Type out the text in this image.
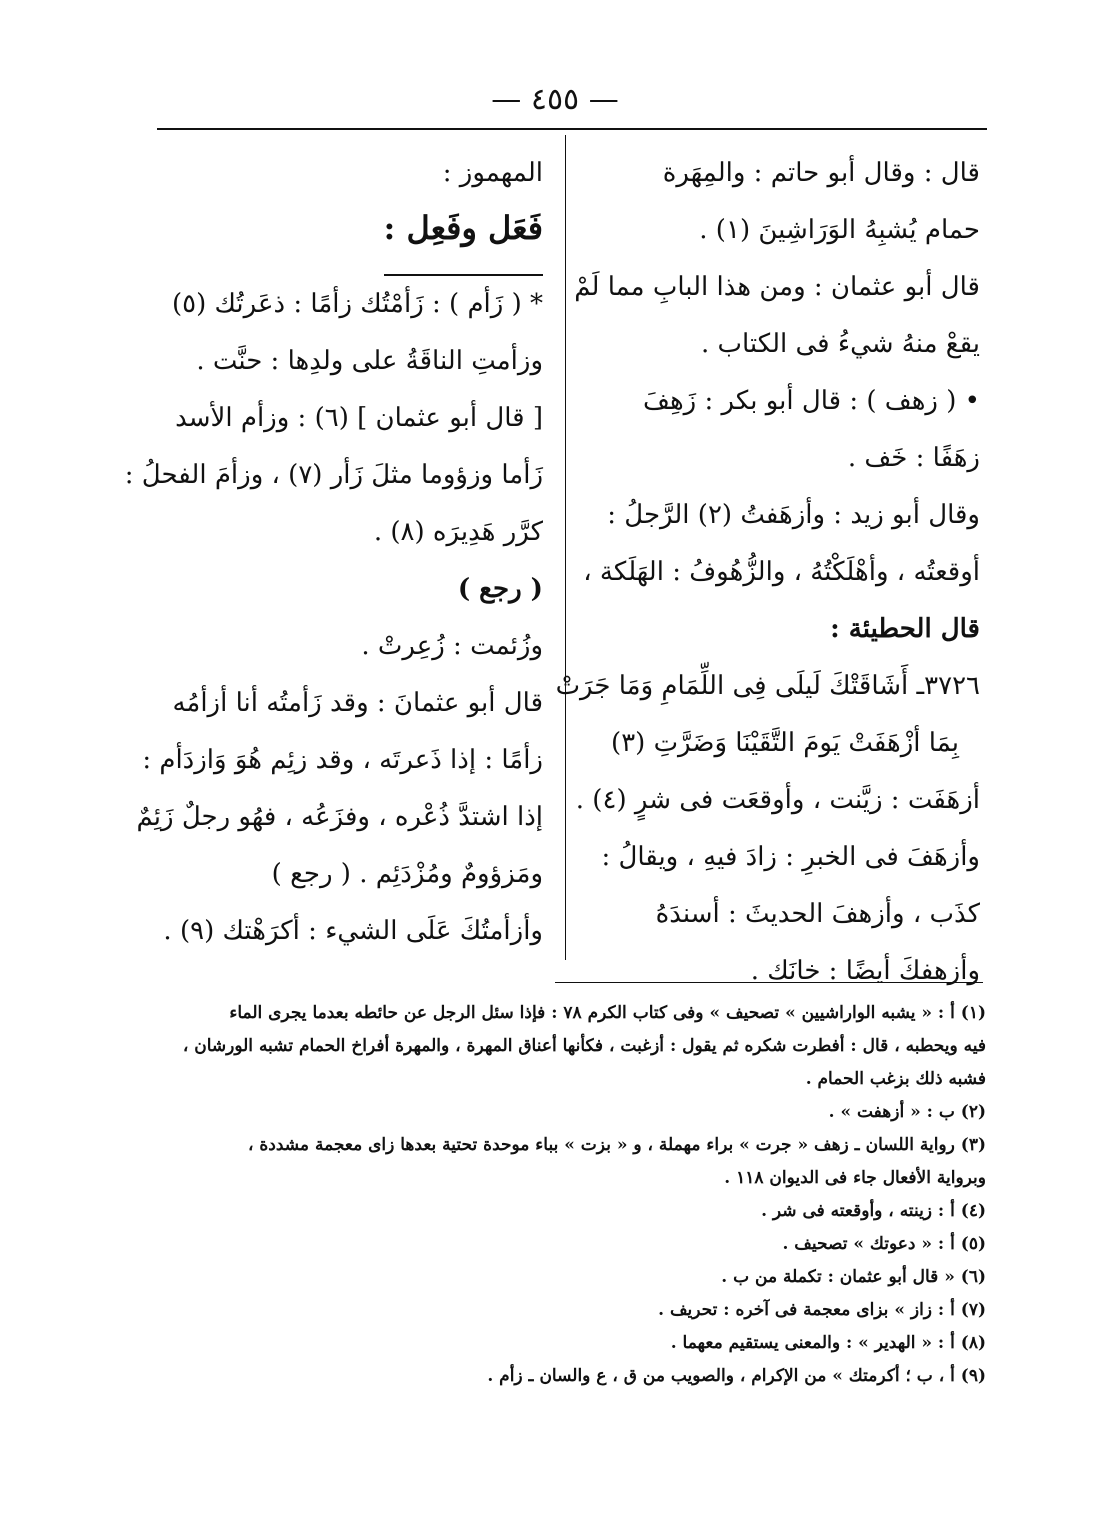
— ٤٥٥ —
قال : وقال أبو حاتم : والمِهَرة
حمام يُشبِهُ الوَرَاشِينَ (١) .
قال أبو عثمان : ومن هذا البابِ مما لَمْ
يقعْ منهُ شيءُ فى الكتاب .
• ( زهف ) : قال أبو بكر : زَهِفَ
زهَفًا : خَف .
وقال أبو زيد : وأزهَفتُ (٢) الرَّجلُ :
أوقعتُه ، وأهْلَكْتُهُ ، والزُّهُوفُ : الهَلَكة ،
قال الحطيئة :
٣٧٢٦ـ أَشَاقَتْكَ لَيلَى فِى اللِّمَامِ وَمَا جَرَتْ
بِمَا أزْهَفَتْ يَومَ التَّقَيْنَا وَضَرَّتِ (٣)
أزهَفَت : زيَّنت ، وأوقعَت فى شرٍ (٤) .
وأزهَفَ فى الخبرِ : زادَ فيهِ ، ويقالُ :
كذَب ، وأزهفَ الحديثَ : أسندَهُ
وأزهفكَ أيضًا : خانَك .
المهموز :
فَعَل وفَعِل :
* ( زَأم ) : زَأمْتُك زأمًا : ذعَرتُك (٥)
وزأمتِ الناقَةُ على ولدِها : حنَّت .
[ قال أبو عثمان ] (٦) : وزأم الأسد
زَأما وزؤوما مثلَ زَأر (٧) ، وزأمَ الفحلُ :
كرَّر هَدِيرَه (٨) .
( رجع )
وزُئمت : زُعِرتْ .
قال أبو عثمانَ : وقد زَأمتُه أنا أزأمُه
زأمًا : إذا ذَعرتَه ، وقد زئِم هُوَ وَازدَأم :
إذا اشتدَّ ذُعْره ، وفزَعُه ، فهُو رجلٌ زَئِمٌ
ومَزؤومٌ ومُزْدَئِم . ( رجع )
وأزأمتُكَ عَلَى الشيء : أكرَهْتك (٩) .
(١) أ : « يشبه الواراشيين » تصحيف » وفى كتاب الكرم ٧٨ : فإذا سئل الرجل عن حائطه بعدما يجرى الماء
فيه ويحطبه ، قال : أفطرت شكره ثم يقول : أزغبت ، فكأنها أعناق المهرة ، والمهرة أفراخ الحمام تشبه الورشان ،
فشبه ذلك بزغب الحمام .
(٢) ب : « أزهفت » .
(٣) رواية اللسان ـ زهف « جرت » براء مهملة ، و « بزت » بباء موحدة تحتية بعدها زاى معجمة مشددة ،
وبرواية الأفعال جاء فى الديوان ١١٨ .
(٤) أ : زينته ، وأوقعته فى شر .
(٥) أ : « دعوتك » تصحيف .
(٦) « قال أبو عثمان : تكملة من ب .
(٧) أ : زاز » بزاى معجمة فى آخره : تحريف .
(٨) أ : « الهدير » : والمعنى يستقيم معهما .
(٩) أ ، ب ؛ أكرمتك » من الإكرام ، والصويب من ق ، ع والسان ـ زأم .
